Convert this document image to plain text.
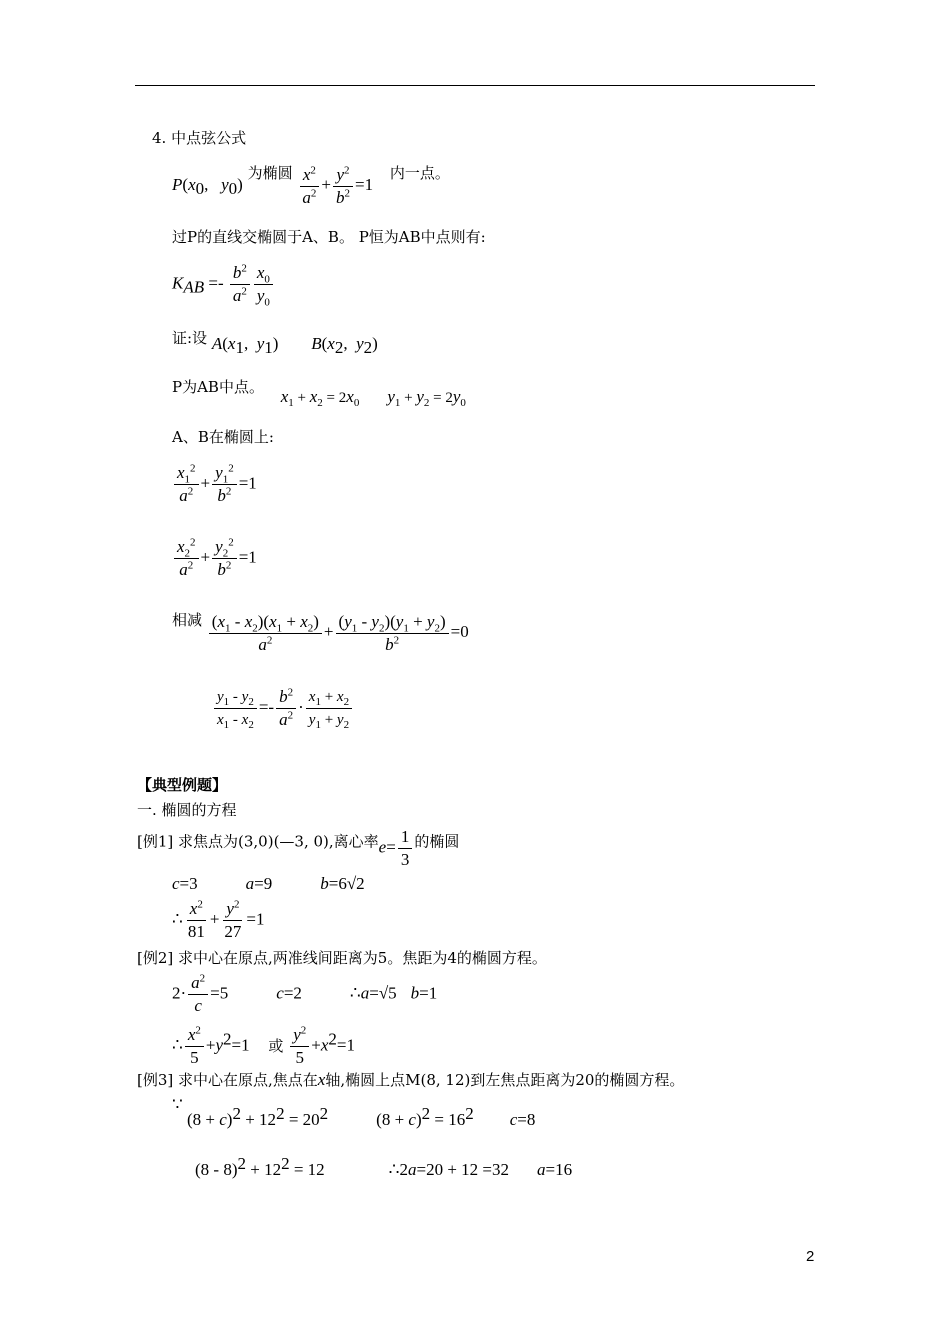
4. 中点弦公式
$P(x_0$,   $y_0$) 为椭圆 $\frac{x^2}{a^2} + \frac{y^2}{b^2} =1$ 内一点。
过P的直线交椭圆于A、B。 P恒为AB中点则有:
$K_{AB} =- \frac{b^2}{a^2} \frac{x_0}{y_0}$
证:设 $A(x_1$,  $y_1$) $B(x_2$,  $y_2$)
P为AB中点。 $x_1 + x_2 = 2x_0$ $y_1 + y_2 = 2y_0$
A、B在椭圆上:
$\frac{x_1^2}{a^2} + \frac{y_1^2}{b^2} =1$
$\frac{x_2^2}{a^2} + \frac{y_2^2}{b^2} =1$
相减 $\frac{(x_1 - x_2)(x_1 + x_2)}{a^2} + \frac{(y_1 - y_2)(y_1 + y_2)}{b^2} =0$
$\frac{y_1 - y_2}{x_1 - x_2} =- \frac{b^2}{a^2} \cdot \frac{x_1 + x_2}{y_1 + y_2}$
【典型例题】
一. 椭圆的方程
[例1] 求焦点为(3,0)(—3, 0),离心率$e= \frac{1}{3}$ 的椭圆
c=3	a=9	b=6√2
∴ $\frac{x^2}{81} + \frac{y^2}{27} =1$
[例2] 求中心在原点,两准线间距离为5。焦距为4的椭圆方程。
$2\cdot \frac{a^2}{c} =5$	c=2	∴a=√5 b=1
∴ $\frac{x^2}{5} +y^2=1$ 或 $\frac{y^2}{5} +x^2=1$
[例3] 求中心在原点,焦点在x轴,椭圆上点M(8, 12)到左焦点距离为20的椭圆方程。
∵
$(8 + c)^2 + 12^2 = 20^2$	$(8 + c)^2 = 16^2$ c=8
$(8 - 8)^2 + 12^2 = 12$	∴2a=20 + 12 =32 a=16
2
